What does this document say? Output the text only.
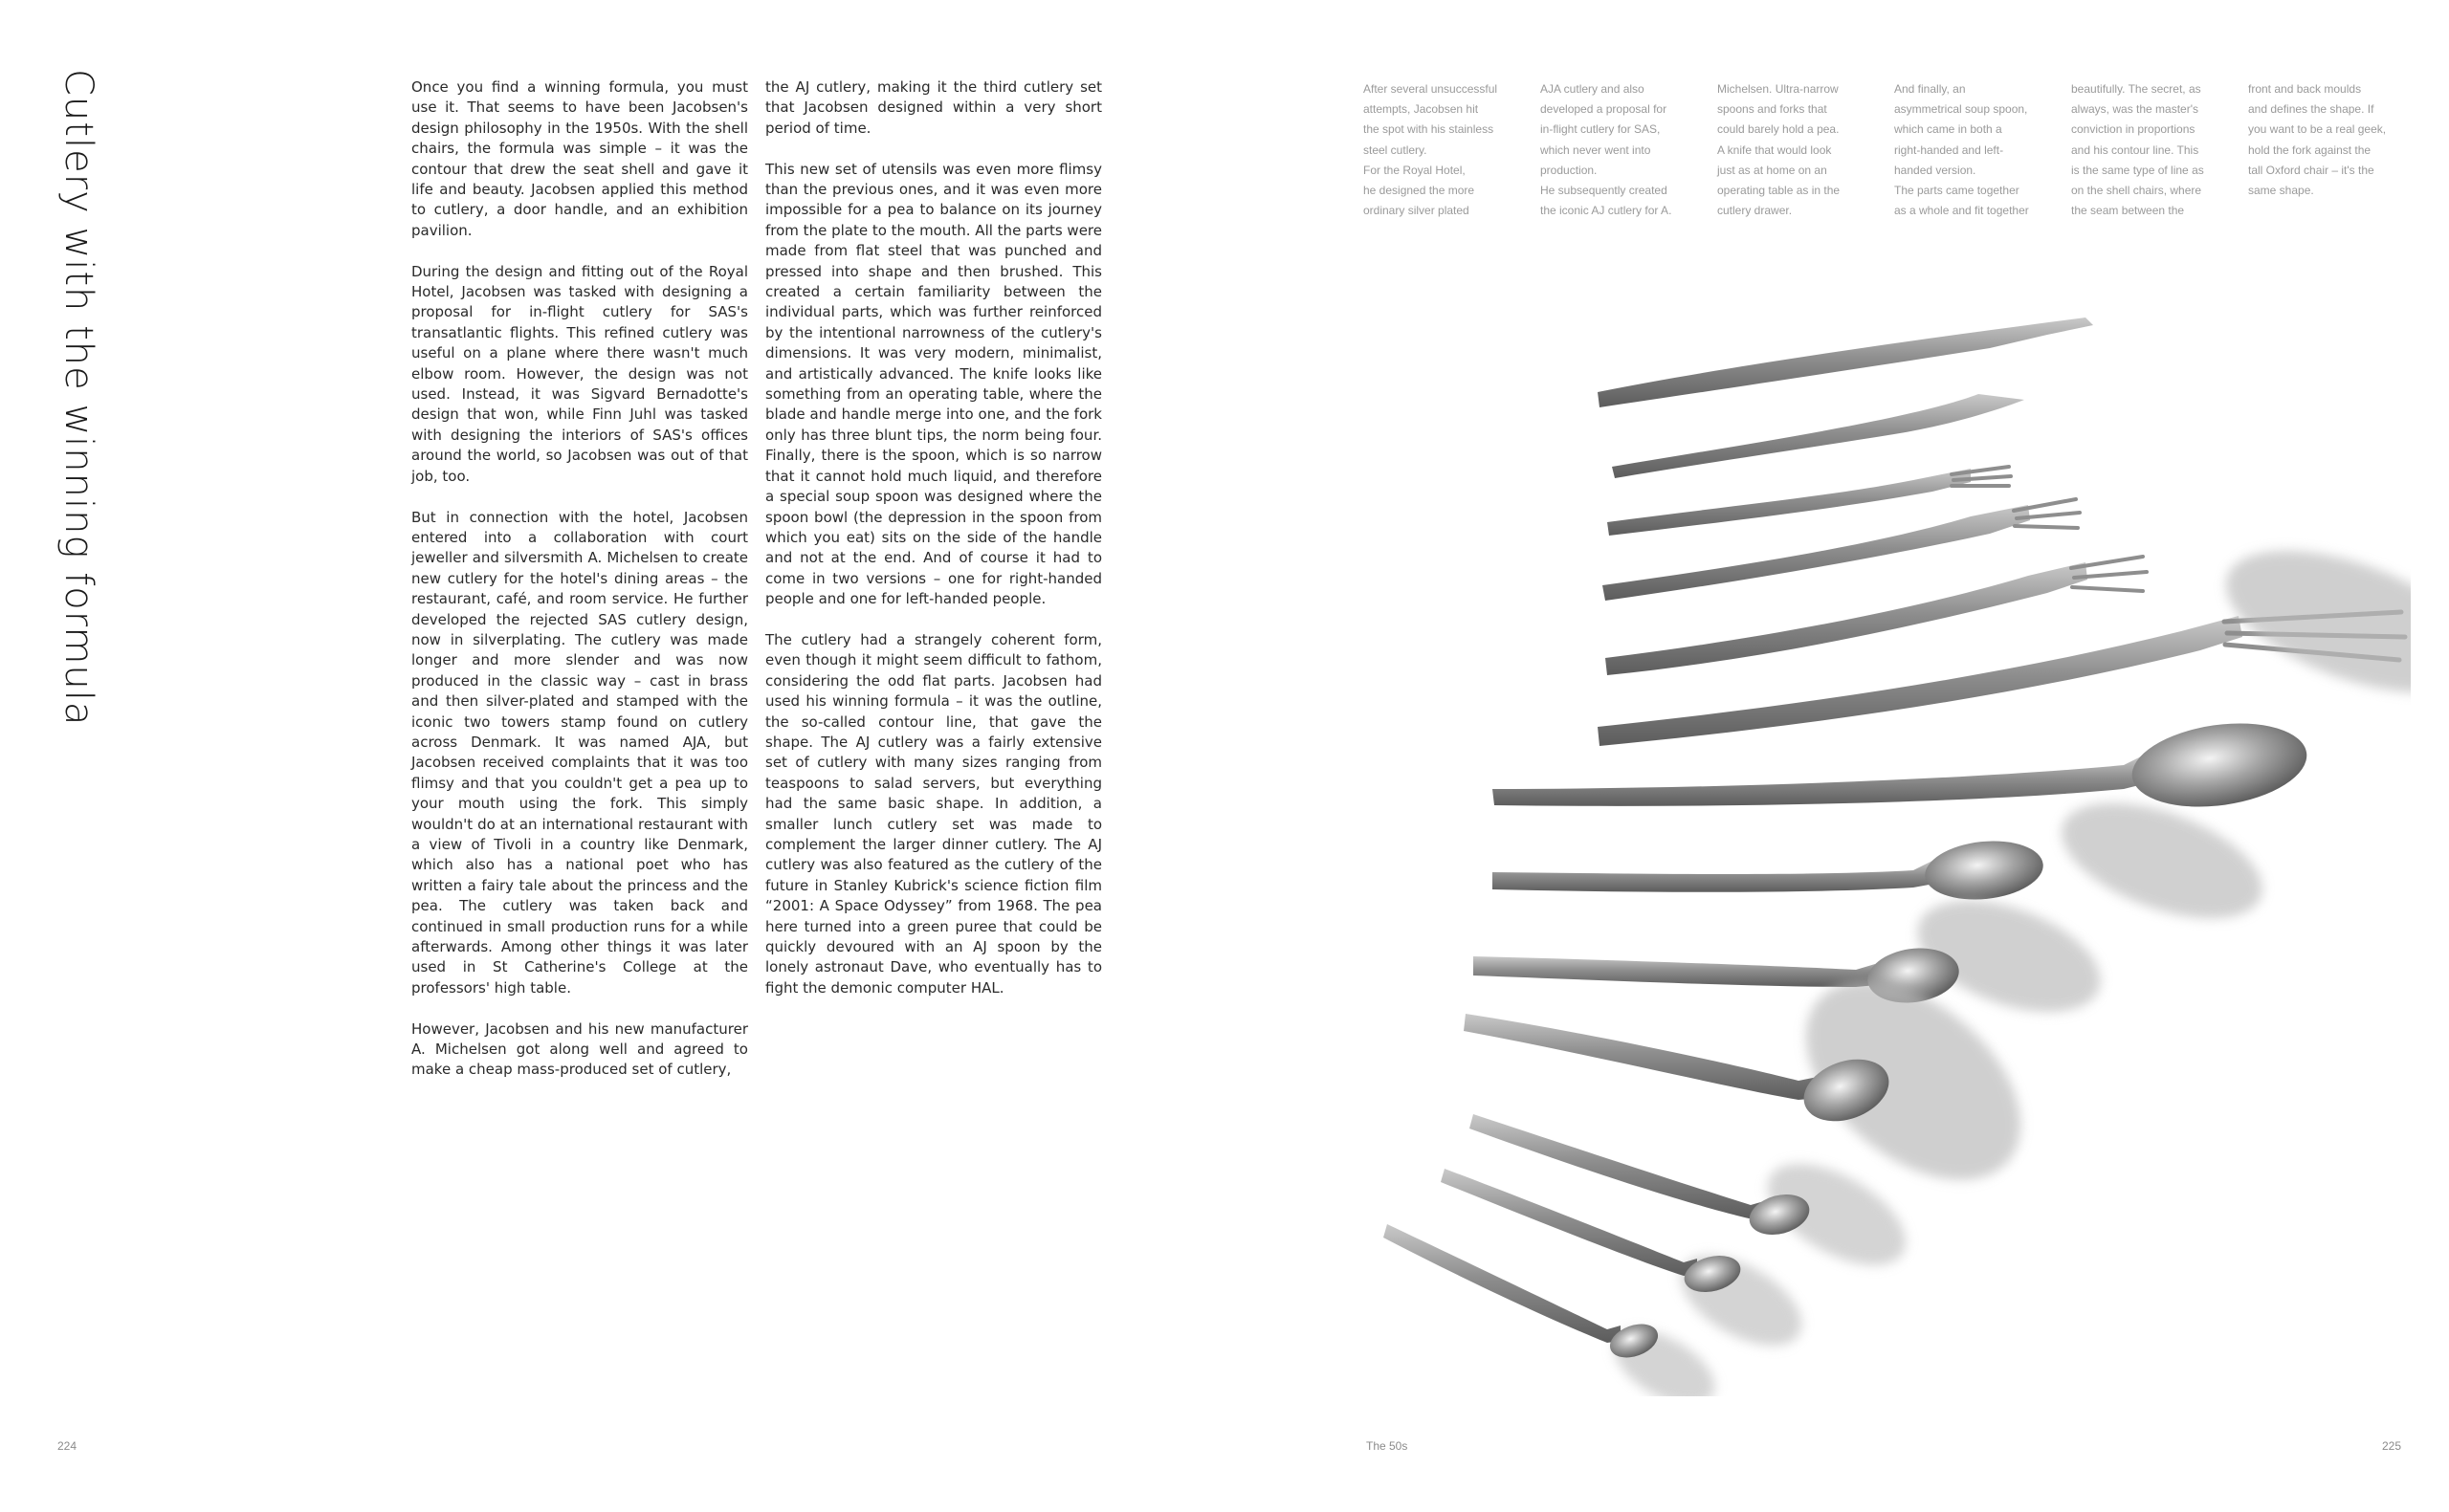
Cutlery with the winning formula	Once you find a winning formula, you must use it. That seems to have been Jacobsen's design philosophy in the 1950s. With the shell chairs, the formula was simple – it was the contour that drew the seat shell and gave it life and beauty. Jacobsen applied this method to cutlery, a door handle, and an exhibition pavilion.

During the design and fitting out of the Royal Hotel, Jacobsen was tasked with designing a proposal for in-flight cutlery for SAS's transatlantic flights. This refined cutlery was useful on a plane where there wasn't much elbow room. However, the design was not used. Instead, it was Sigvard Bernadotte's design that won, while Finn Juhl was tasked with designing the interiors of SAS's offices around the world, so Jacobsen was out of that job, too.

But in connection with the hotel, Jacobsen entered into a collaboration with court jeweller and silversmith A. Michelsen to create new cutlery for the hotel's dining areas – the restaurant, café, and room service. He further developed the rejected SAS cutlery design, now in silverplating. The cutlery was made longer and more slender and was now produced in the classic way – cast in brass and then silver-plated and stamped with the iconic two towers stamp found on cutlery across Denmark. It was named AJA, but Jacobsen received complaints that it was too flimsy and that you couldn't get a pea up to your mouth using the fork. This simply wouldn't do at an international restaurant with a view of Tivoli in a country like Denmark, which also has a national poet who has written a fairy tale about the princess and the pea. The cutlery was taken back and continued in small production runs for a while afterwards. Among other things it was later used in St Catherine's College at the professors' high table.

However, Jacobsen and his new manufacturer A. Michelsen got along well and agreed to make a cheap mass-produced set of cutlery,

the AJ cutlery, making it the third cutlery set that Jacobsen designed within a very short period of time.

This new set of utensils was even more flimsy than the previous ones, and it was even more impossible for a pea to balance on its journey from the plate to the mouth. All the parts were made from flat steel that was punched and pressed into shape and then brushed. This created a certain familiarity between the individual parts, which was further reinforced by the intentional narrowness of the cutlery's dimensions. It was very modern, minimalist, and artistically advanced. The knife looks like something from an operating table, where the blade and handle merge into one, and the fork only has three blunt tips, the norm being four. Finally, there is the spoon, which is so narrow that it cannot hold much liquid, and therefore a special soup spoon was designed where the spoon bowl (the depression in the spoon from which you eat) sits on the side of the handle and not at the end. And of course it had to come in two versions – one for right-handed people and one for left-handed people.

The cutlery had a strangely coherent form, even though it might seem difficult to fathom, considering the odd flat parts. Jacobsen had used his winning formula – it was the outline, the so-called contour line, that gave the shape. The AJ cutlery was a fairly extensive set of cutlery with many sizes ranging from teaspoons to salad servers, but everything had the same basic shape. In addition, a smaller lunch cutlery set was made to complement the larger dinner cutlery. The AJ cutlery was also featured as the cutlery of the future in Stanley Kubrick's science fiction film “2001: A Space Odyssey” from 1968. The pea here turned into a green puree that could be quickly devoured with an AJ spoon by the lonely astronaut Dave, who eventually has to fight the demonic computer HAL.

224

After several unsuccessful

attempts, Jacobsen hit

the spot with his stainless

steel cutlery.

For the Royal Hotel,

he designed the more

ordinary silver plated

AJA cutlery and also

developed a proposal for

in-flight cutlery for SAS,

which never went into

production.

He subsequently created

the iconic AJ cutlery for A.

Michelsen. Ultra-narrow

spoons and forks that

could barely hold a pea.

A knife that would look

just as at home on an

operating table as in the

cutlery drawer.

And finally, an

asymmetrical soup spoon,

which came in both a

right-handed and left-

handed version.

The parts came together

as a whole and fit together

beautifully. The secret, as

always, was the master's

conviction in proportions

and his contour line. This

is the same type of line as

on the shell chairs, where

the seam between the

front and back moulds

and defines the shape. If

you want to be a real geek,

hold the fork against the

tall Oxford chair – it's the

same shape.

The 50s	225
